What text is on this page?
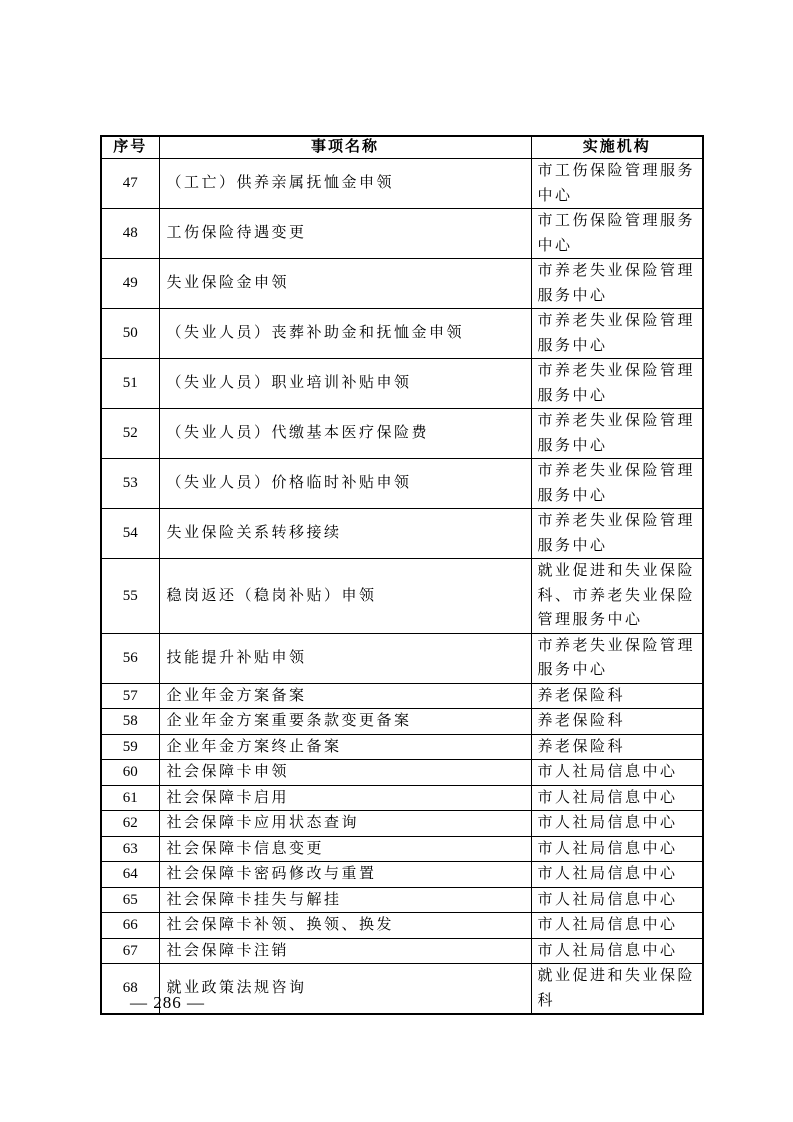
序号	事项名称	实施机构
47	（工亡）供养亲属抚恤金申领	市工伤保险管理服务中心
48	工伤保险待遇变更	市工伤保险管理服务中心
49	失业保险金申领	市养老失业保险管理服务中心
50	（失业人员）丧葬补助金和抚恤金申领	市养老失业保险管理服务中心
51	（失业人员）职业培训补贴申领	市养老失业保险管理服务中心
52	（失业人员）代缴基本医疗保险费	市养老失业保险管理服务中心
53	（失业人员）价格临时补贴申领	市养老失业保险管理服务中心
54	失业保险关系转移接续	市养老失业保险管理服务中心
55	稳岗返还（稳岗补贴）申领	就业促进和失业保险科、市养老失业保险管理服务中心
56	技能提升补贴申领	市养老失业保险管理服务中心
57	企业年金方案备案	养老保险科
58	企业年金方案重要条款变更备案	养老保险科
59	企业年金方案终止备案	养老保险科
60	社会保障卡申领	市人社局信息中心
61	社会保障卡启用	市人社局信息中心
62	社会保障卡应用状态查询	市人社局信息中心
63	社会保障卡信息变更	市人社局信息中心
64	社会保障卡密码修改与重置	市人社局信息中心
65	社会保障卡挂失与解挂	市人社局信息中心
66	社会保障卡补领、换领、换发	市人社局信息中心
67	社会保障卡注销	市人社局信息中心
68	就业政策法规咨询	就业促进和失业保险科
— 286 —
